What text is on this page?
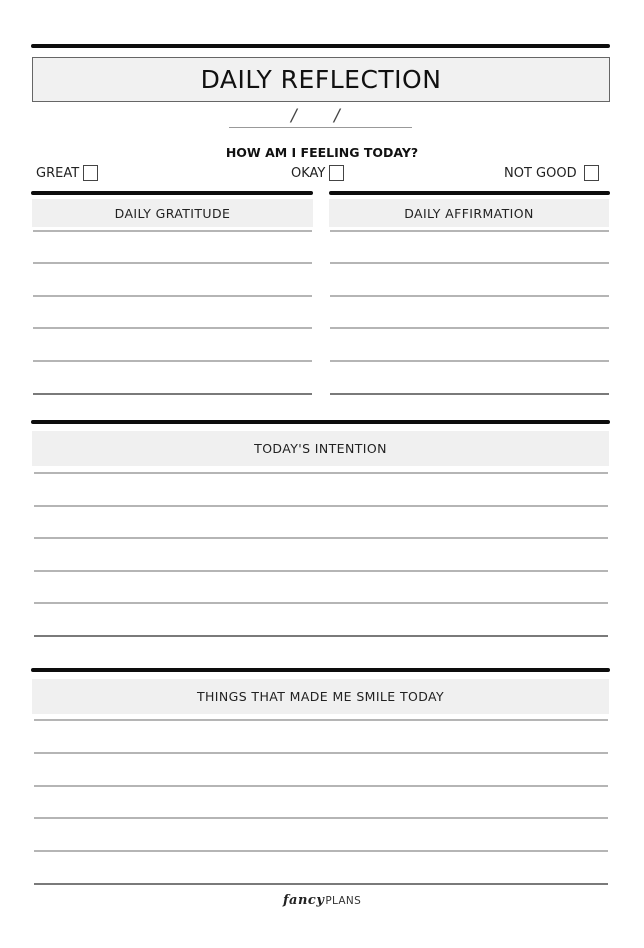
DAILY REFLECTION
/ /
HOW AM I FEELING TODAY?
GREAT	OKAY	NOT GOOD
DAILY GRATITUDE	DAILY AFFIRMATION
TODAY'S INTENTION
THINGS THAT MADE ME SMILE TODAY
fancy PLANS
